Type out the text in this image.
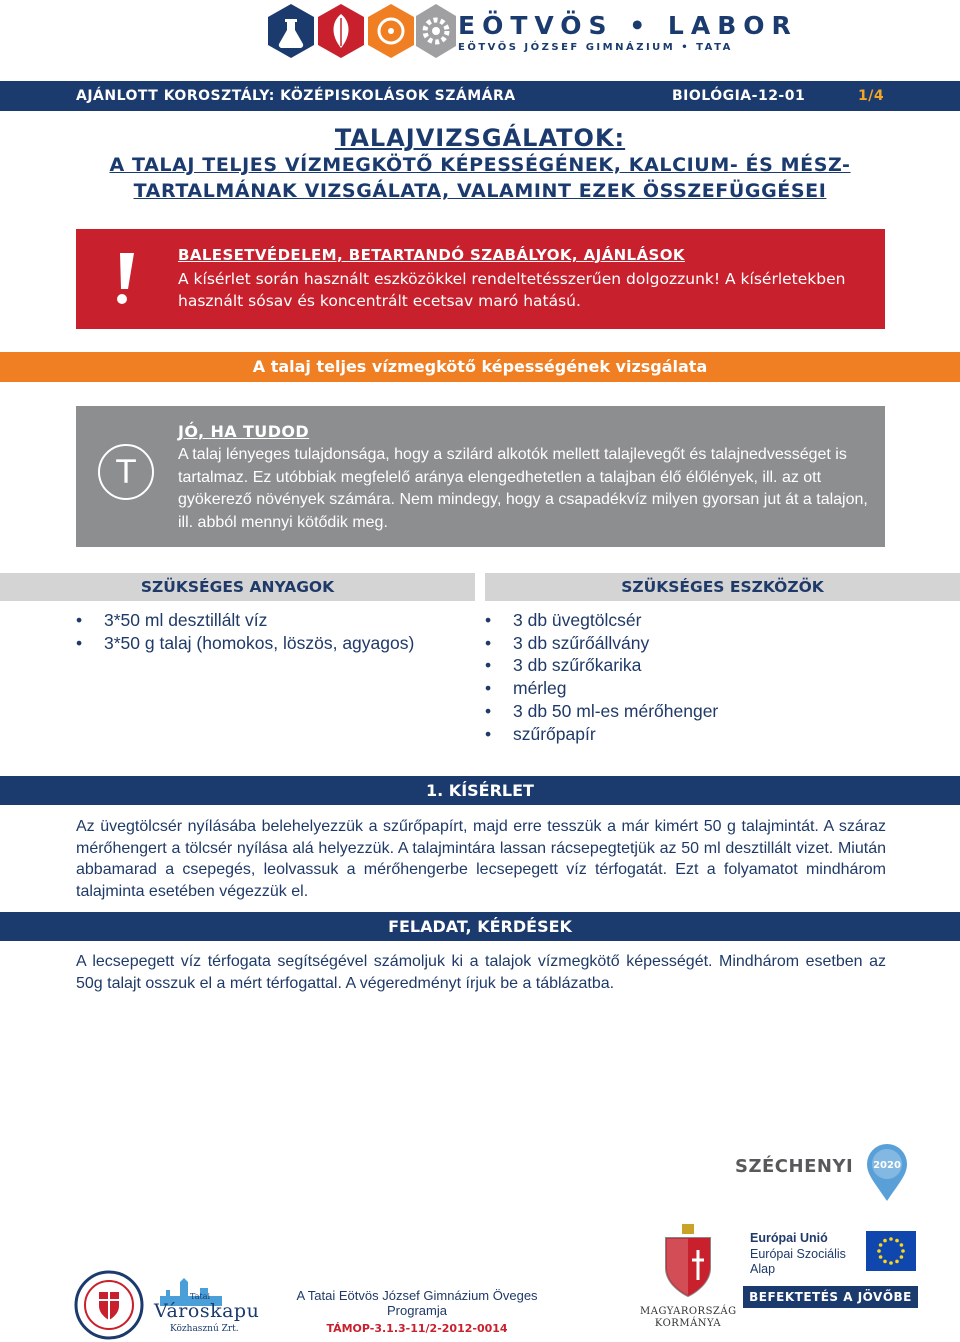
EÖTVÖS • LABOR
EÖTVÖS JÓZSEF GIMNÁZIUM • TATA
AJÁNLOTT KOROSZTÁLY: KÖZÉPISKOLÁSOK SZÁMÁRA	BIOLÓGIA-12-01	1/4
TALAJVIZSGÁLATOK:
A TALAJ TELJES VÍZMEGKÖTŐ KÉPESSÉGÉNEK, KALCIUM- ÉS MÉSZ-TARTALMÁNAK VIZSGÁLATA, VALAMINT EZEK ÖSSZEFÜGGÉSEI
BALESETVÉDELEM, BETARTANDÓ SZABÁLYOK, AJÁNLÁSOK
A kísérlet során használt eszközökkel rendeltetésszerűen dolgozzunk! A kísérletekben használt sósav és koncentrált ecetsav maró hatású.
A talaj teljes vízmegkötő képességének vizsgálata
T
JÓ, HA TUDOD
A talaj lényeges tulajdonsága, hogy a szilárd alkotók mellett talajlevegőt és talajnedvességet is tartalmaz. Ez utóbbiak megfelelő aránya elengedhetetlen a talajban élő élőlények, ill. az ott gyökerező növények számára. Nem mindegy, hogy a csapadékvíz milyen gyorsan jut át a talajon, ill. abból mennyi kötődik meg.
SZÜKSÉGES ANYAGOK	SZÜKSÉGES ESZKÖZÖK
• 3*50 ml desztillált víz
• 3*50 g talaj (homokos, löszös, agyagos)
• 3 db üvegtölcsér
• 3 db szűrőállvány
• 3 db szűrőkarika
• mérleg
• 3 db 50 ml-es mérőhenger
• szűrőpapír
1. KÍSÉRLET
Az üvegtölcsér nyílásába belehelyezzük a szűrőpapírt, majd erre tesszük a már kimért 50 g talajmintát. A száraz mérőhengert a tölcsér nyílása alá helyezzük. A talajmintára lassan rácsepegtetjük az 50 ml desztillált vizet. Miután abbamarad a csepegés, leolvassuk a mérőhengerbe lecsepegett víz térfogatát. Ezt a folyamatot mindhárom talajminta esetében végezzük el.
FELADAT, KÉRDÉSEK
A lecsepegett víz térfogata segítségével számoljuk ki a talajok vízmegkötő képességét. Mindhárom esetben az 50g talajt osszuk el a mért térfogattal. A végeredményt írjuk be a táblázatba.
SZÉCHENYI 2020
Tatai
Városkapu
Közhasznú Zrt.
A Tatai Eötvös József Gimnázium Öveges Programja
TÁMOP-3.1.3-11/2-2012-0014
MAGYARORSZÁG
KORMÁNYA
Európai Unió
Európai Szociális
Alap
BEFEKTETÉS A JÖVŐBE
